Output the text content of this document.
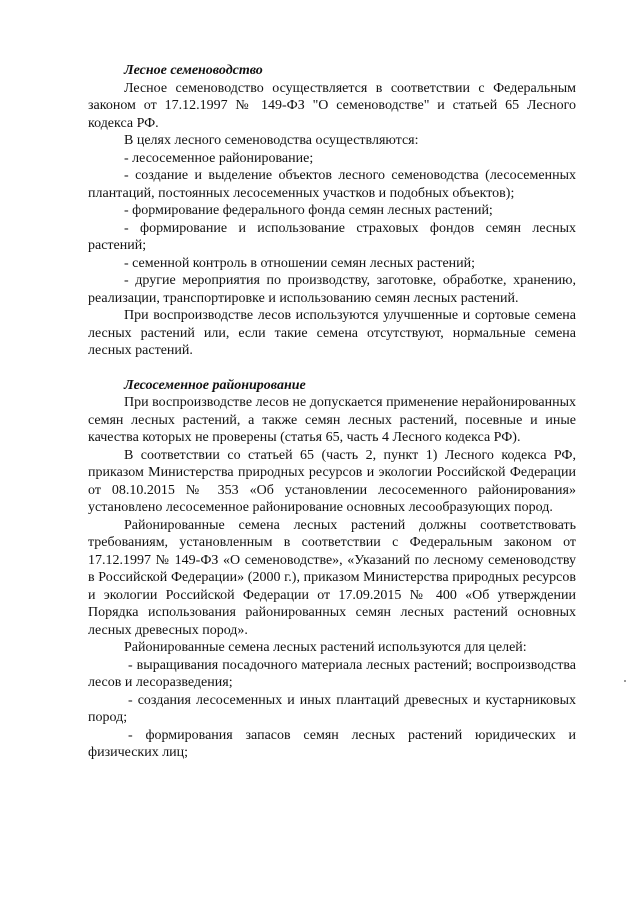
Лесное семеноводство

Лесное семеноводство осуществляется в соответствии с Федеральным законом от 17.12.1997 № 149-ФЗ "О семеноводстве" и статьей 65 Лесного кодекса РФ.

В целях лесного семеноводства осуществляются:

- лесосеменное районирование;

- создание и выделение объектов лесного семеноводства (лесосеменных плантаций, постоянных лесосеменных участков и подобных объектов);

- формирование федерального фонда семян лесных растений;

- формирование и использование страховых фондов семян лесных растений;

- семенной контроль в отношении семян лесных растений;

- другие мероприятия по производству, заготовке, обработке, хранению, реализации, транспортировке и использованию семян лесных растений.

При воспроизводстве лесов используются улучшенные и сортовые семена лесных растений или, если такие семена отсутствуют, нормальные семена лесных растений.

Лесосеменное районирование

При воспроизводстве лесов не допускается применение нерайонированных семян лесных растений, а также семян лесных растений, посевные и иные качества которых не проверены (статья 65, часть 4 Лесного кодекса РФ).

В соответствии со статьей 65 (часть 2, пункт 1) Лесного кодекса РФ, приказом Министерства природных ресурсов и экологии Российской Федерации от 08.10.2015 № 353 «Об установлении лесосеменного районирования» установлено лесосеменное районирование основных лесообразующих пород.

Районированные семена лесных растений должны соответствовать требованиям, установленным в соответствии с Федеральным законом от 17.12.1997 № 149-ФЗ «О семеноводстве», «Указаний по лесному семеноводству в Российской Федерации» (2000 г.), приказом Министерства природных ресурсов и экологии Российской Федерации от 17.09.2015 № 400 «Об утверждении Порядка использования районированных семян лесных растений основных лесных древесных пород».

Районированные семена лесных растений используются для целей:

- выращивания посадочного материала лесных растений; воспроизводства лесов и лесоразведения;

- создания лесосеменных и иных плантаций древесных и кустарниковых пород;

- формирования запасов семян лесных растений юридических и физических лиц;
